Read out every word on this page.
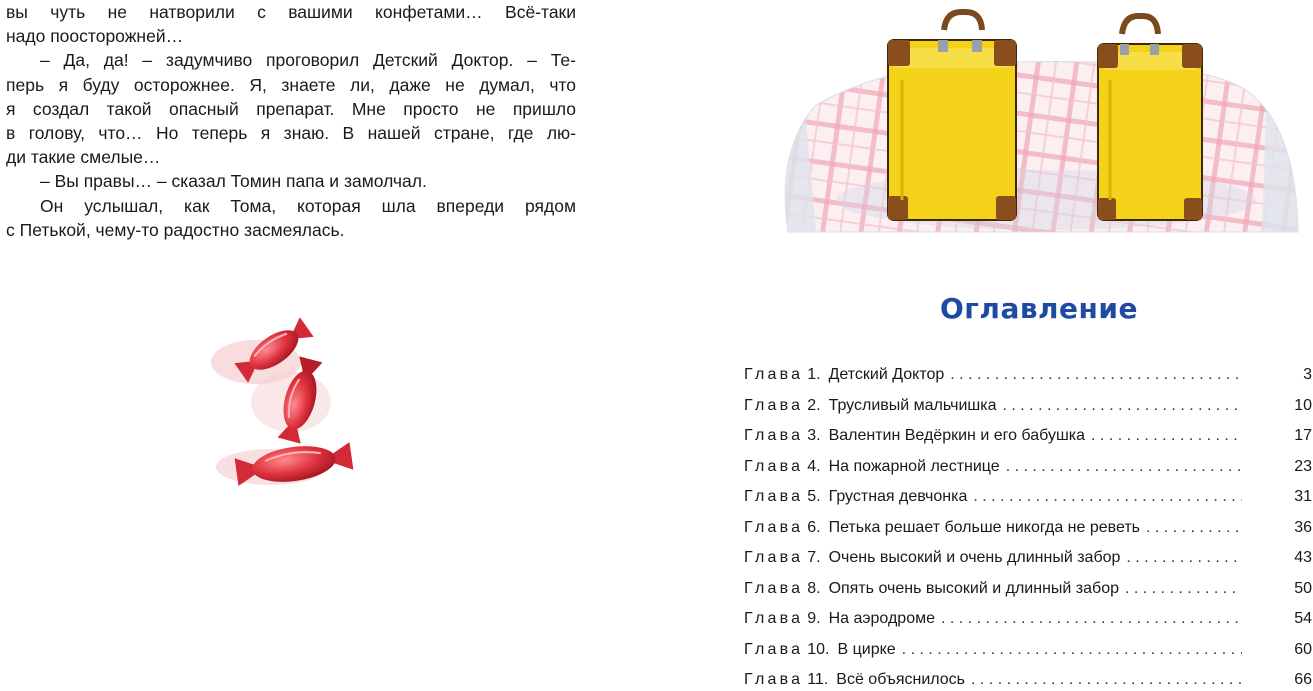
вы чуть не натворили с вашими конфетами… Всё-таки
надо поосторожней…
– Да, да! – задумчиво проговорил Детский Доктор. – Те-
перь я буду осторожнее. Я, знаете ли, даже не думал, что
я создал такой опасный препарат. Мне просто не пришло
в голову, что… Но теперь я знаю. В нашей стране, где лю-
ди такие смелые…
– Вы правы… – сказал Томин папа и замолчал.
Он услышал, как Тома, которая шла впереди рядом
с Петькой, чему-то радостно засмеялась.
Оглавление
Глава 1. Детский Доктор . . .	3
Глава 2. Трусливый мальчишка . . .	10
Глава 3. Валентин Ведёркин и его бабушка . . .	17
Глава 4. На пожарной лестнице . . .	23
Глава 5. Грустная девчонка . . .	31
Глава 6. Петька решает больше никогда не реветь . . .	36
Глава 7. Очень высокий и очень длинный забор . . .	43
Глава 8. Опять очень высокий и длинный забор . . .	50
Глава 9. На аэродроме . . .	54
Глава 10. В цирке . . .	60
Глава 11. Всё объяснилось . . .	66
